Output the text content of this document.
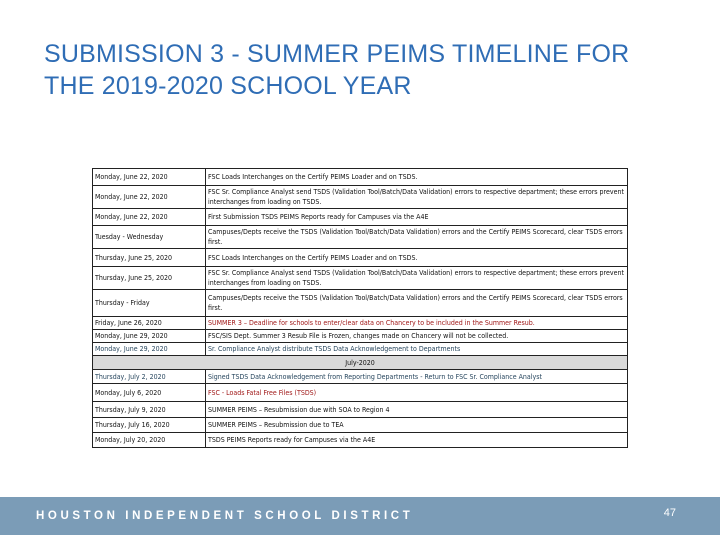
SUBMISSION 3 - SUMMER PEIMS TIMELINE FOR THE 2019-2020 SCHOOL YEAR
Monday, June 22, 2020	FSC Loads Interchanges on the Certify PEIMS Loader and on TSDS.
Monday, June 22, 2020	FSC Sr. Compliance Analyst send TSDS (Validation Tool/Batch/Data Validation) errors to respective department; these errors prevent interchanges from loading on TSDS.
Monday, June 22, 2020	First Submission TSDS PEIMS Reports ready for Campuses via the A4E
Tuesday - Wednesday	Campuses/Depts receive the TSDS (Validation Tool/Batch/Data Validation) errors and the Certify PEIMS Scorecard, clear TSDS errors first.
Thursday, June 25, 2020	FSC Loads Interchanges on the Certify PEIMS Loader and on TSDS.
Thursday, June 25, 2020	FSC Sr. Compliance Analyst send TSDS (Validation Tool/Batch/Data Validation) errors to respective department; these errors prevent interchanges from loading on TSDS.
Thursday - Friday	Campuses/Depts receive the TSDS (Validation Tool/Batch/Data Validation) errors and the Certify PEIMS Scorecard, clear TSDS errors first.
Friday, June 26, 2020	SUMMER 3 – Deadline for schools to enter/clear data on Chancery to be included in the Summer Resub.
Monday, June 29, 2020	FSC/SIS Dept. Summer 3 Resub File is Frozen, changes made on Chancery will not be collected.
Monday, June 29, 2020	Sr. Compliance Analyst distribute TSDS Data Acknowledgement to Departments
July-2020	
Thursday, July 2, 2020	Signed TSDS Data Acknowledgement from Reporting Departments - Return to FSC Sr. Compliance Analyst
Monday, July 6, 2020	FSC - Loads Fatal Free Files (TSDS)
Thursday, July 9, 2020	SUMMER PEIMS – Resubmission due with SOA to Region 4
Thursday, July 16, 2020	SUMMER PEIMS – Resubmission due to TEA
Monday, July 20, 2020	TSDS PEIMS Reports ready for Campuses via the A4E
HOUSTON INDEPENDENT SCHOOL DISTRICT	47
